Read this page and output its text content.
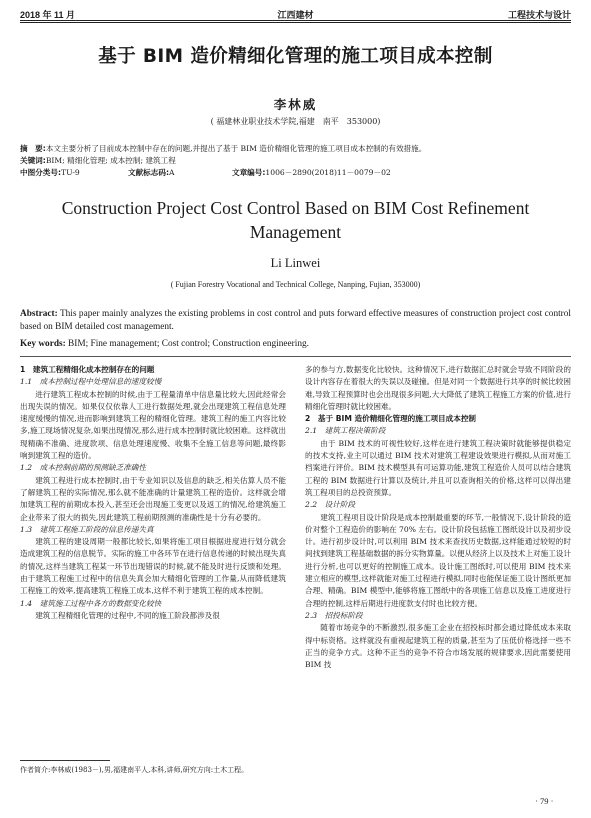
2018 年 11 月	江西建材	工程技术与设计
基于 BIM 造价精细化管理的施工项目成本控制
李林威
( 福建林业职业技术学院,福建　南平　353000)
摘　要:本文主要分析了目前成本控制中存在的问题,并提出了基于 BIM 造价精细化管理的施工项目成本控制的有效措施。
关键词:BIM; 精细化管理; 成本控制; 建筑工程
中图分类号:TU-9	文献标志码:A	文章编号:1006－2890(2018)11－0079－02
Construction Project Cost Control Based on BIM Cost Refinement Management
Li Linwei
( Fujian Forestry Vocational and Technical College, Nanping, Fujian, 353000)
Abstract: This paper mainly analyzes the existing problems in cost control and puts forward effective measures of construction project cost control based on BIM detailed cost management.
Key words: BIM; Fine management; Cost control; Construction engineering.

1　建筑工程精细化成本控制存在的问题

1.1　成本控制过程中处理信息的速度较慢

进行建筑工程成本控制的时候,由于工程量清单中信息量比较大,因此经常会出现失误的情况。如果仅仅依靠人工进行数据处理,就会出现建筑工程信息处理速度缓慢的情况,进而影响到建筑工程的精细化管理。建筑工程的施工内容比较多,施工现场情况复杂,如果出现情况,那么进行成本控制时就比较困难。这样就出现精确不准确、进度款项、信息处理速度慢、收集不全施工信息等问题,最终影响到建筑工程的造价。

1.2　成本控制前期的预测缺乏准确性

建筑工程进行成本控制时,由于专业知识以及信息的缺乏,相关估算人员不能了解建筑工程的实际情况,那么就不能准确的计量建筑工程的造价。这样就会增加建筑工程的前期成本投入,甚至还会出现施工变更以及返工的情况,给建筑施工企业带来了很大的损失,因此建筑工程前期预测的准确性是十分有必要的。

1.3　建筑工程施工阶段的信息传递失真

建筑工程的建设周期一般都比较长,如果将施工项目根据进度进行划分就会造成建筑工程的信息脱节。实际的施工中各环节在进行信息传递的时候出现失真的情况,这样当建筑工程某一环节出现错误的时候,就不能及时进行反馈和处理。由于建筑工程施工过程中的信息失真会加大精细化管理的工作量,从而降低建筑工程施工的效率,提高建筑工程施工成本,这样不利于建筑工程的成本控制。

1.4　建筑施工过程中各方的数据变化较快

建筑工程精细化管理的过程中,不同的施工阶段都涉及很

多的参与方,数据变化比较快。这种情况下,进行数据汇总时就会导致不同阶段的设计内容存在着很大的失误以及碰撞。但是对同一个数据进行共享的时候比较困难,导致工程预算时也会出现很多问题,大大降低了建筑工程施工方案的价值,进行精细化管理时就比较困难。

2　基于 BIM 造价精细化管理的施工项目成本控制

2.1　建筑工程决策阶段

由于 BIM 技术的可视性较好,这样在进行建筑工程决策时就能够提供稳定的技术支持,业主可以通过 BIM 技术对建筑工程建设效果进行模拟,从而对施工档案进行评价。BIM 技术模型具有可运算功能,建筑工程造价人员可以结合建筑工程的 BIM 数据进行计算以及统计,并且可以查询相关的价格,这样可以得出建筑工程项目的总投资预算。

2.2　设计阶段

建筑工程项目设计阶段是成本控制最重要的环节,一般情况下,设计阶段的造价对整个工程造价的影响在 70% 左右。设计阶段包括施工图纸设计以及初步设计。进行初步设计时,可以利用 BIM 技术来查找历史数据,这样能通过较短的时间找到建筑工程基础数据的拆分实物算量。以便从经济上以及技术上对施工设计进行分析,也可以更好的控制施工成本。设计施工图纸时,可以使用 BIM 技术来建立相应的模型,这样就能对施工过程进行模拟,同时也能保证施工设计图纸更加合理、精确。BIM 模型中,能够将施工图纸中的各项施工信息以及施工进度进行合理的控制,这样后期进行进度款支付时也比较方便。

2.3　招投标阶段

随着市场竞争的不断激烈,很多施工企业在招投标时都会通过降低成本来取得中标资格。这样就没有重视起建筑工程的质量,甚至为了压低价格选择一些不正当的竞争方式。这种不正当的竞争不符合市场发展的规律要求,因此需要使用 BIM 技

作者简介:李林威(1983－),男,福建南平人,本科,讲师,研究方向:土木工程。
· 79 ·
